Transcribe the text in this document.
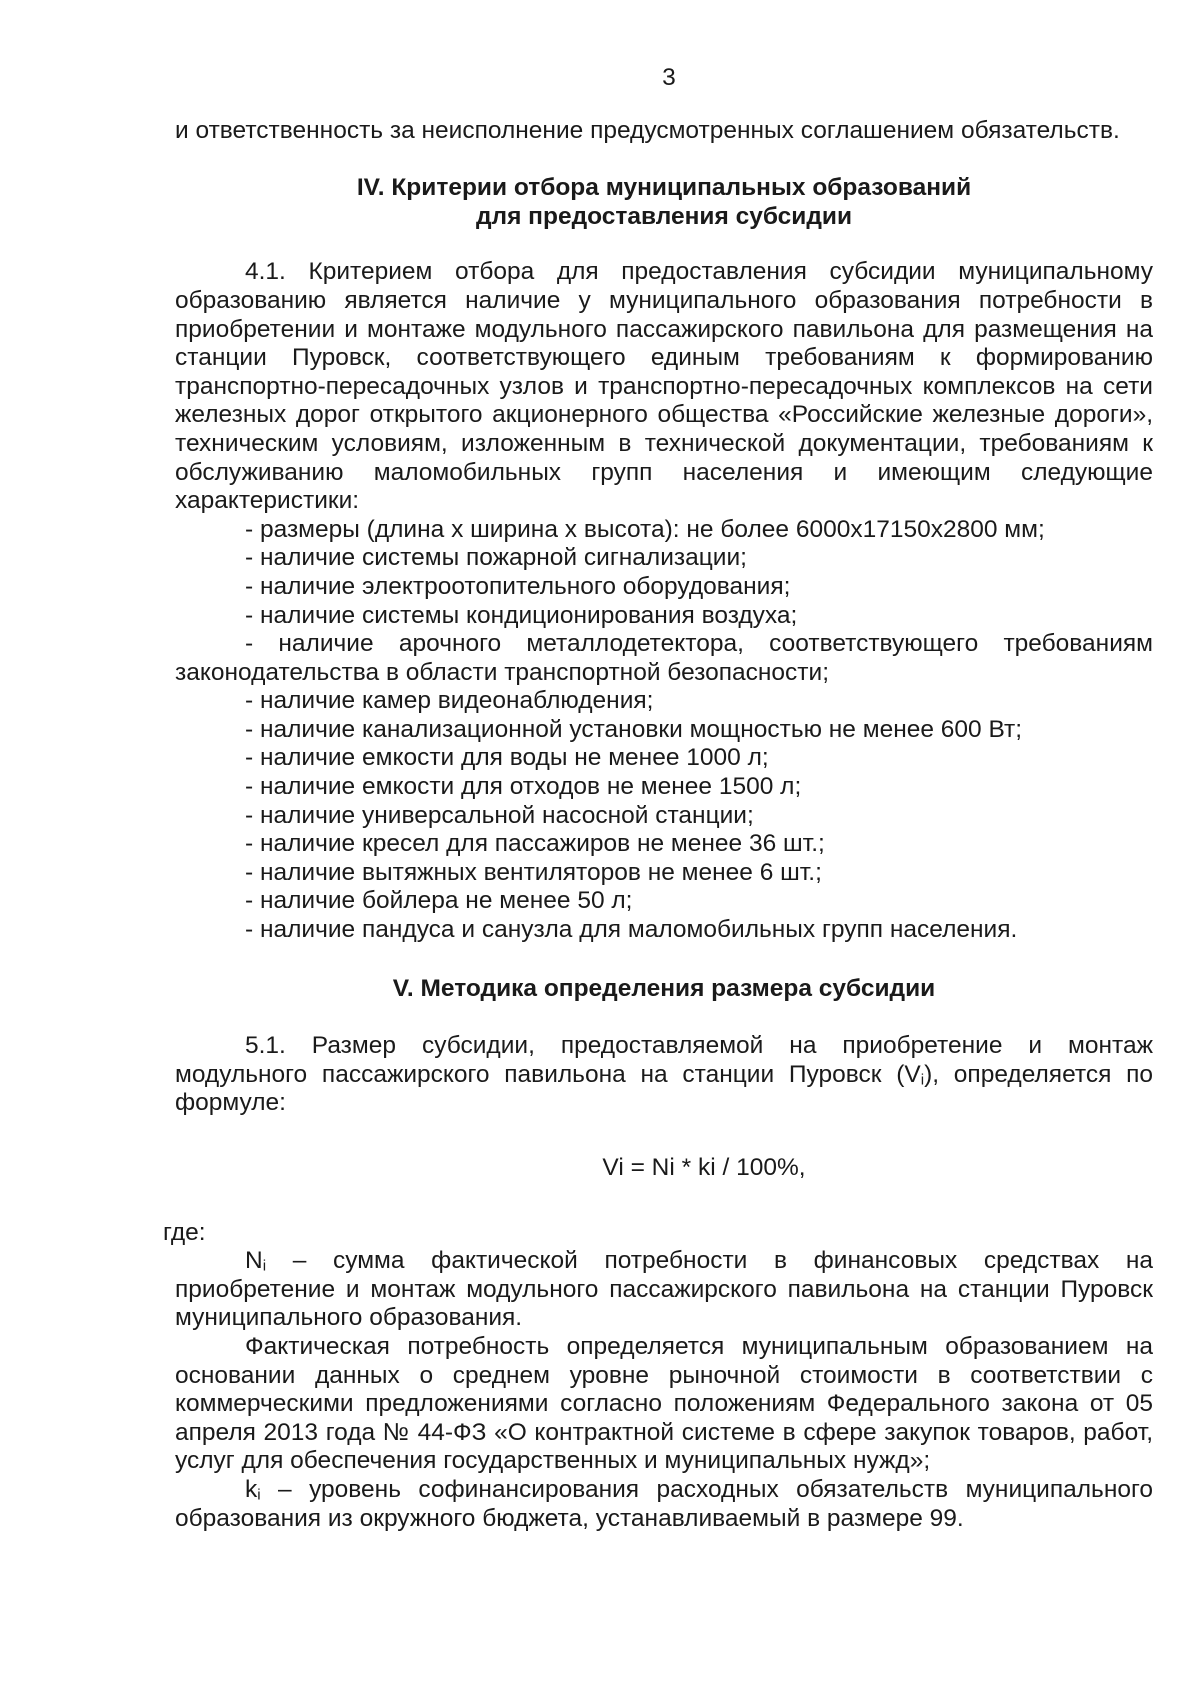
3

и ответственность за неисполнение предусмотренных соглашением обязательств.

IV. Критерии отбора муниципальных образований
для предоставления субсидии

4.1. Критерием отбора для предоставления субсидии муниципальному образованию является наличие у муниципального образования потребности в приобретении и монтаже модульного пассажирского павильона для размещения на станции Пуровск, соответствующего единым требованиям к формированию транспортно-пересадочных узлов и транспортно-пересадочных комплексов на сети железных дорог открытого акционерного общества «Российские железные дороги», техническим условиям, изложенным в технической документации, требованиям к обслуживанию маломобильных групп населения и имеющим следующие характеристики:

- размеры (длина х ширина х высота): не более 6000x17150x2800 мм;
- наличие системы пожарной сигнализации;
- наличие электроотопительного оборудования;
- наличие системы кондиционирования воздуха;
- наличие арочного металлодетектора, соответствующего требованиям законодательства в области транспортной безопасности;
- наличие камер видеонаблюдения;
- наличие канализационной установки мощностью не менее 600 Вт;
- наличие емкости для воды не менее 1000 л;
- наличие емкости для отходов не менее 1500 л;
- наличие универсальной насосной станции;
- наличие кресел для пассажиров не менее 36 шт.;
- наличие вытяжных вентиляторов не менее 6 шт.;
- наличие бойлера не менее 50 л;
- наличие пандуса и санузла для маломобильных групп населения.
V. Методика определения размера субсидии

5.1. Размер субсидии, предоставляемой на приобретение и монтаж модульного пассажирского павильона на станции Пуровск $(V_i)$, определяется по формуле:

Vi = Ni * ki / 100%,
где:

$N_i$ – сумма фактической потребности в финансовых средствах на приобретение и монтаж модульного пассажирского павильона на станции Пуровск муниципального образования.

Фактическая потребность определяется муниципальным образованием на основании данных о среднем уровне рыночной стоимости в соответствии с коммерческими предложениями согласно положениям Федерального закона от 05 апреля 2013 года № 44-ФЗ «О контрактной системе в сфере закупок товаров, работ, услуг для обеспечения государственных и муниципальных нужд»;

$k_i$ – уровень софинансирования расходных обязательств муниципального образования из окружного бюджета, устанавливаемый в размере 99.
